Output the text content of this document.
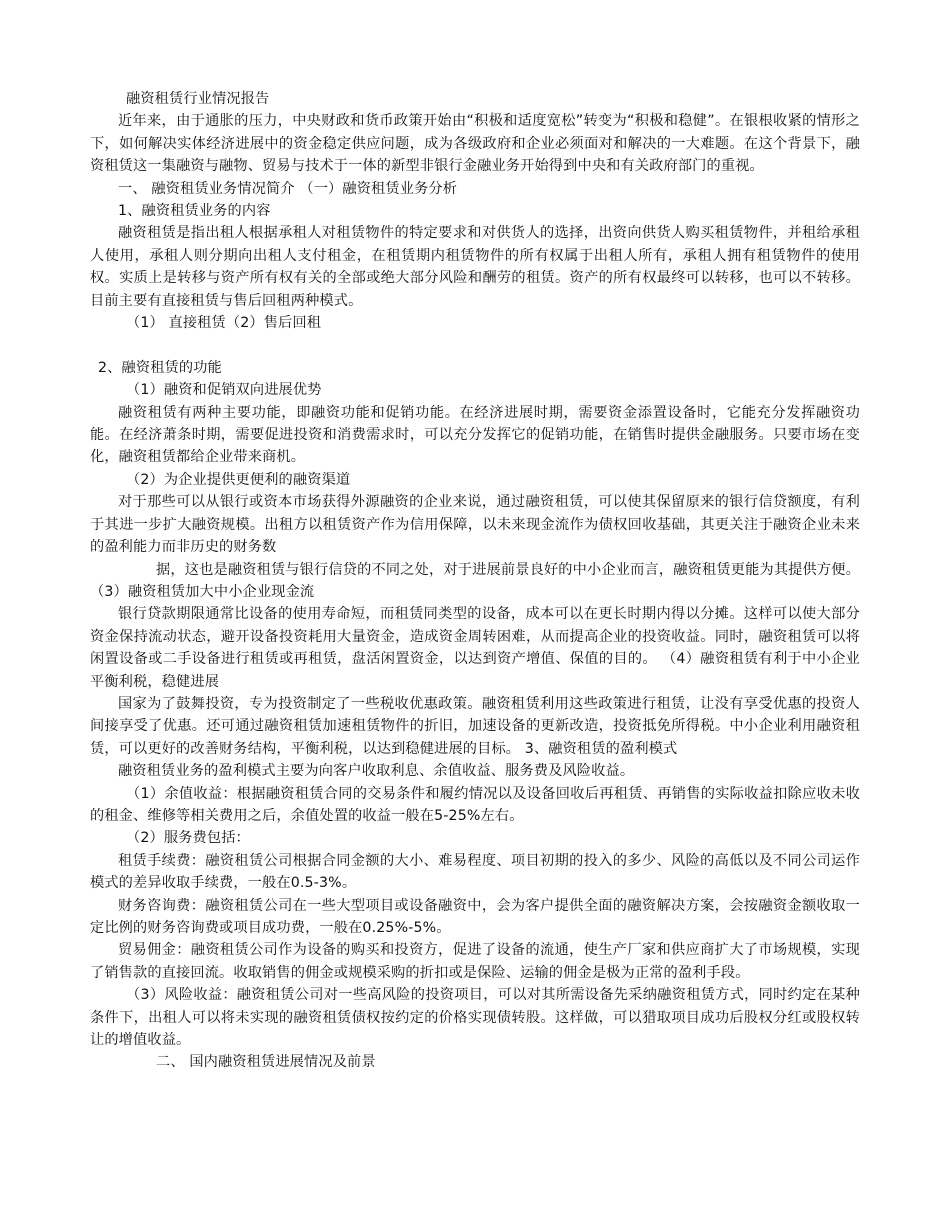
融资租赁行业情况报告

近年来，由于通胀的压力，中央财政和货币政策开始由“积极和适度宽松”转变为“积极和稳健”。在银根收紧的情形之下，如何解决实体经济进展中的资金稳定供应问题，成为各级政府和企业必须面对和解决的一大难题。在这个背景下，融资租赁这一集融资与融物、贸易与技术于一体的新型非银行金融业务开始得到中央和有关政府部门的重视。

一、 融资租赁业务情况简介 （一）融资租赁业务分析

1、融资租赁业务的内容

融资租赁是指出租人根据承租人对租赁物件的特定要求和对供货人的选择，出资向供货人购买租赁物件，并租给承租人使用，承租人则分期向出租人支付租金，在租赁期内租赁物件的所有权属于出租人所有，承租人拥有租赁物件的使用权。实质上是转移与资产所有权有关的全部或绝大部分风险和酬劳的租赁。资产的所有权最终可以转移，也可以不转移。目前主要有直接租赁与售后回租两种模式。

（1） 直接租赁（2）售后回租

2、融资租赁的功能

（1）融资和促销双向进展优势

融资租赁有两种主要功能，即融资功能和促销功能。在经济进展时期，需要资金添置设备时，它能充分发挥融资功能。在经济萧条时期，需要促进投资和消费需求时，可以充分发挥它的促销功能，在销售时提供金融服务。只要市场在变化，融资租赁都给企业带来商机。

（2）为企业提供更便利的融资渠道

对于那些可以从银行或资本市场获得外源融资的企业来说，通过融资租赁，可以使其保留原来的银行信贷额度，有利于其进一步扩大融资规模。出租方以租赁资产作为信用保障，以未来现金流作为债权回收基础，其更关注于融资企业未来的盈利能力而非历史的财务数

据，这也是融资租赁与银行信贷的不同之处，对于进展前景良好的中小企业而言，融资租赁更能为其提供方便。 （3）融资租赁加大中小企业现金流

银行贷款期限通常比设备的使用寿命短，而租赁同类型的设备，成本可以在更长时期内得以分摊。这样可以使大部分资金保持流动状态，避开设备投资耗用大量资金，造成资金周转困难，从而提高企业的投资收益。同时，融资租赁可以将闲置设备或二手设备进行租赁或再租赁，盘活闲置资金，以达到资产增值、保值的目的。 （4）融资租赁有利于中小企业平衡利税，稳健进展

国家为了鼓舞投资，专为投资制定了一些税收优惠政策。融资租赁利用这些政策进行租赁，让没有享受优惠的投资人间接享受了优惠。还可通过融资租赁加速租赁物件的折旧，加速设备的更新改造，投资抵免所得税。中小企业利用融资租赁，可以更好的改善财务结构，平衡利税，以达到稳健进展的目标。 3、融资租赁的盈利模式

融资租赁业务的盈利模式主要为向客户收取利息、余值收益、服务费及风险收益。

（1）余值收益：根据融资租赁合同的交易条件和履约情况以及设备回收后再租赁、再销售的实际收益扣除应收未收的租金、维修等相关费用之后，余值处置的收益一般在5-25%左右。

（2）服务费包括：

租赁手续费：融资租赁公司根据合同金额的大小、难易程度、项目初期的投入的多少、风险的高低以及不同公司运作模式的差异收取手续费，一般在0.5-3%。

财务咨询费：融资租赁公司在一些大型项目或设备融资中，会为客户提供全面的融资解决方案，会按融资金额收取一定比例的财务咨询费或项目成功费，一般在0.25%-5%。

贸易佣金：融资租赁公司作为设备的购买和投资方，促进了设备的流通，使生产厂家和供应商扩大了市场规模，实现了销售款的直接回流。收取销售的佣金或规模采购的折扣或是保险、运输的佣金是极为正常的盈利手段。

（3）风险收益：融资租赁公司对一些高风险的投资项目，可以对其所需设备先采纳融资租赁方式，同时约定在某种条件下，出租人可以将未实现的融资租赁债权按约定的价格实现债转股。这样做，可以猎取项目成功后股权分红或股权转让的增值收益。

二、 国内融资租赁进展情况及前景
